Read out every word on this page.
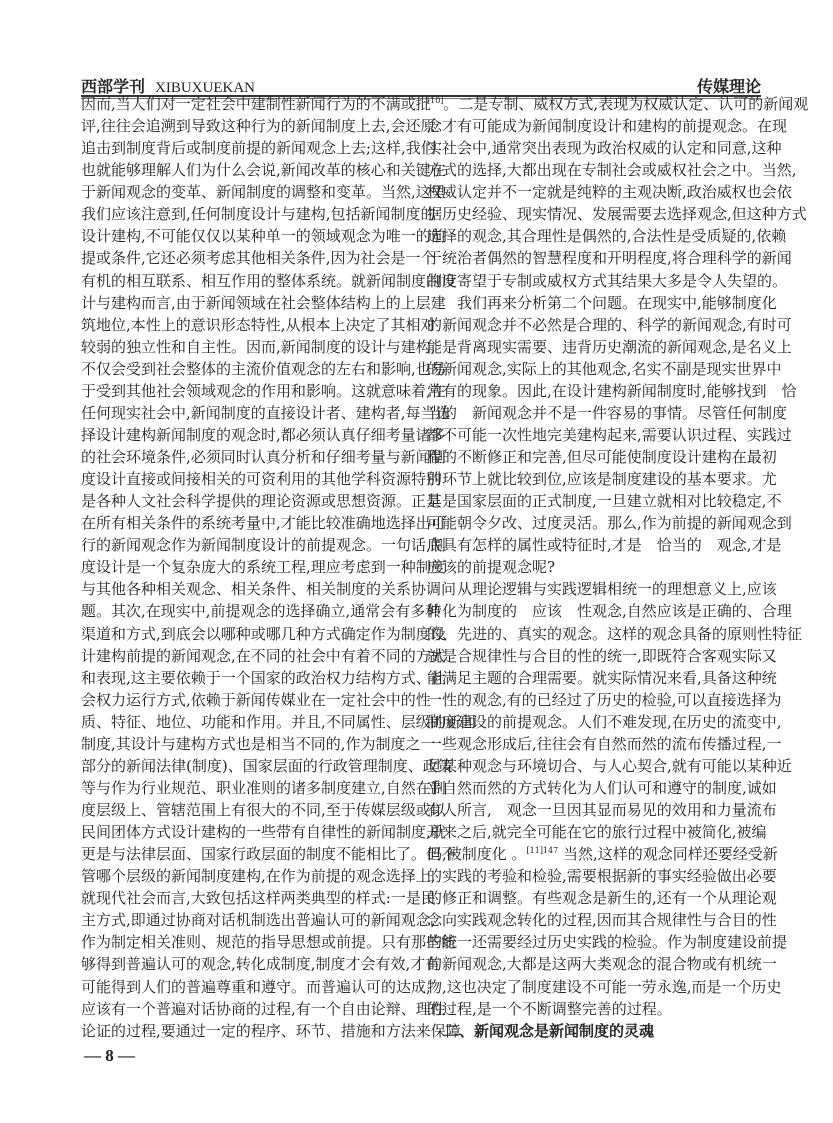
西部学刊 XIBUXUEKAN	传媒理论
因而,当人们对一定社会中建制性新闻行为的不满或批
评,往往会追溯到导致这种行为的新闻制度上去,会还原
追击到制度背后或制度前提的新闻观念上去;这样,我们
也就能够理解人们为什么会说,新闻改革的核心和关键在
于新闻观念的变革、新闻制度的调整和变革。当然,这里
我们应该注意到,任何制度设计与建构,包括新闻制度的
设计建构,不可能仅仅以某种单一的领域观念为唯一的前
提或条件,它还必须考虑其他相关条件,因为社会是一个
有机的相互联系、相互作用的整体系统。就新闻制度的设
计与建构而言,由于新闻领域在社会整体结构上的上层建
筑地位,本性上的意识形态特性,从根本上决定了其相对
较弱的独立性和自主性。因而,新闻制度的设计与建构,
不仅会受到社会整体的主流价值观念的左右和影响,也易
于受到其他社会领域观念的作用和影响。这就意味着,在
任何现实社会中,新闻制度的直接设计者、建构者,每当选
择设计建构新闻制度的观念时,都必须认真仔细考量诸多
的社会环境条件,必须同时认真分析和仔细考量与新闻制
度设计直接或间接相关的可资利用的其他学科资源特别
是各种人文社会科学提供的理论资源或思想资源。正是
在所有相关条件的系统考量中,才能比较准确地选择出可
行的新闻观念作为新闻制度设计的前提观念。一句话,制
度设计是一个复杂庞大的系统工程,理应考虑到一种制度
与其他各种相关观念、相关条件、相关制度的关系协调问
题。其次,在现实中,前提观念的选择确立,通常会有多种
渠道和方式,到底会以哪种或哪几种方式确定作为制度设
计建构前提的新闻观念,在不同的社会中有着不同的方式
和表现,这主要依赖于一个国家的政治权力结构方式、社
会权力运行方式,依赖于新闻传媒业在一定社会中的性
质、特征、地位、功能和作用。并且,不同属性、层级的新闻
制度,其设计与建构方式也是相当不同的,作为制度之一
部分的新闻法律(制度)、国家层面的行政管理制度、政策
等与作为行业规范、职业准则的诸多制度建立,自然在制
度层级上、管辖范围上有很大的不同,至于传媒层级或以
民间团体方式设计建构的一些带有自律性的新闻制度,就
更是与法律层面、国家行政层面的制度不能相比了。但不
管哪个层级的新闻制度建构,在作为前提的观念选择上,
就现代社会而言,大致包括这样两类典型的样式:一是民
主方式,即通过协商对话机制选出普遍认可的新闻观念,
作为制定相关准则、规范的指导思想或前提。只有那些能
够得到普遍认可的观念,转化成制度,制度才会有效,才有
可能得到人们的普遍尊重和遵守。而普遍认可的达成,
应该有一个普遍对话协商的过程,有一个自由论辩、理性
论证的过程,要通过一定的程序、环节、措施和方法来保障
[10]。二是专制、威权方式,表现为权威认定、认可的新闻观
念才有可能成为新闻制度设计和建构的前提观念。在现
实社会中,通常突出表现为政治权威的认定和同意,这种
方式的选择,大都出现在专制社会或威权社会之中。当然,
权威认定并不一定就是纯粹的主观决断,政治威权也会依
据历史经验、现实情况、发展需要去选择观念,但这种方式
选择的观念,其合理性是偶然的,合法性是受质疑的,依赖
于统治者偶然的智慧程度和开明程度,将合理科学的新闻
制度寄望于专制或威权方式其结果大多是令人失望的。
我们再来分析第二个问题。在现实中,能够制度化
的新闻观念并不必然是合理的、科学的新闻观念,有时可
能是背离现实需要、违背历史潮流的新闻观念,是名义上
的新闻观念,实际上的其他观念,名实不副是现实世界中
常有的现象。因此,在设计建构新闻制度时,能够找到　恰
当的　新闻观念并不是一件容易的事情。尽管任何制度
都不可能一次性地完美建构起来,需要认识过程、实践过
程的不断修正和完善,但尽可能使制度设计建构在最初
的环节上就比较到位,应该是制度建设的基本要求。尤
其是国家层面的正式制度,一旦建立就相对比较稳定,不
可能朝令夕改、过度灵活。那么,作为前提的新闻观念到
底具有怎样的属性或特征时,才是　恰当的　观念,才是
应该的前提观念呢?
从理论逻辑与实践逻辑相统一的理想意义上,应该
转化为制度的　应该　性观念,自然应该是正确的、合理
的、先进的、真实的观念。这样的观念具备的原则性特征
就是合规律性与合目的性的统一,即既符合客观实际又
能满足主题的合理需要。就实际情况来看,具备这种统
一性的观念,有的已经过了历史的检验,可以直接选择为
制度建设的前提观念。人们不难发现,在历史的流变中,
一些观念形成后,往往会有自然而然的流布传播过程,一
旦某种观念与环境切合、与人心契合,就有可能以某种近
乎自然而然的方式转化为人们认可和遵守的制度,诚如
有人所言,　观念一旦因其显而易见的效用和力量流布
开来之后,就完全可能在它的旅行过程中被简化,被编
码,被制度化 。$^{[11]147}$ 当然,这样的观念同样还要经受新
的实践的考验和检验,需要根据新的事实经验做出必要
的修正和调整。有些观念是新生的,还有一个从理论观
念向实践观念转化的过程,因而其合规律性与合目的性
的统一还需要经过历史实践的检验。作为制度建设前提
的新闻观念,大都是这两大类观念的混合物或有机统一
物,这也决定了制度建设不可能一劳永逸,而是一个历史
的过程,是一个不断调整完善的过程。
二、新闻观念是新闻制度的灵魂
— 8 —
